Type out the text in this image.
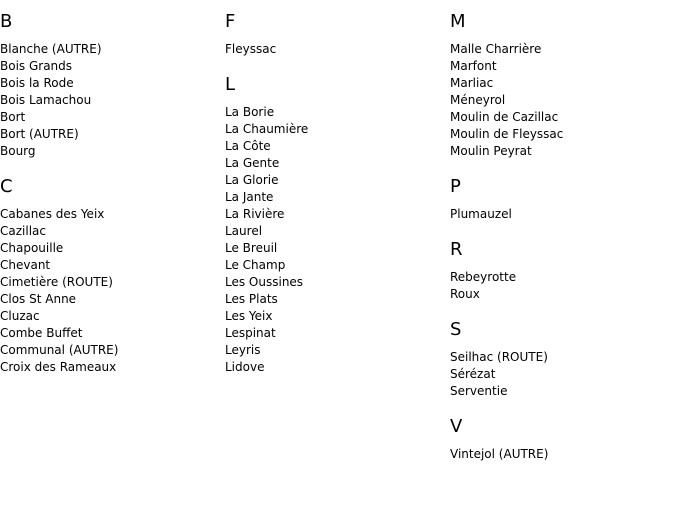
B
Blanche (AUTRE)
Bois Grands
Bois la Rode
Bois Lamachou
Bort
Bort (AUTRE)
Bourg
C
Cabanes des Yeix
Cazillac
Chapouille
Chevant
Cimetière (ROUTE)
Clos St Anne
Cluzac
Combe Buffet
Communal (AUTRE)
Croix des Rameaux
F
Fleyssac
L
La Borie
La Chaumière
La Côte
La Gente
La Glorie
La Jante
La Rivière
Laurel
Le Breuil
Le Champ
Les Oussines
Les Plats
Les Yeix
Lespinat
Leyris
Lidove
M
Malle Charrière
Marfont
Marliac
Méneyrol
Moulin de Cazillac
Moulin de Fleyssac
Moulin Peyrat
P
Plumauzel
R
Rebeyrotte
Roux
S
Seilhac (ROUTE)
Sérézat
Serventie
V
Vintejol (AUTRE)
